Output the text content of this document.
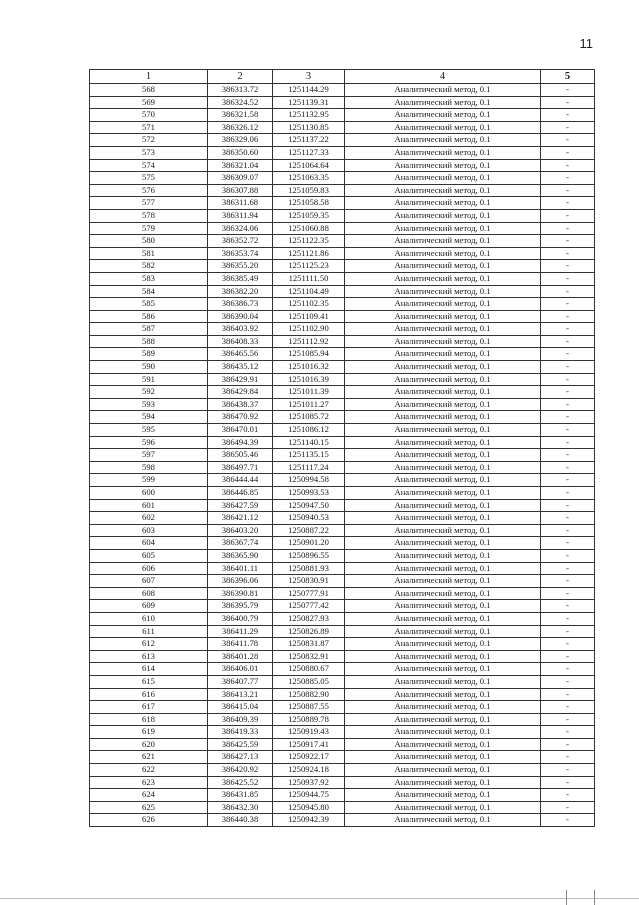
11
1	2	3	4	5
568	386313.72	1251144.29	Аналитический метод, 0.1	-
569	386324.52	1251139.31	Аналитический метод, 0.1	-
570	386321.58	1251132.95	Аналитический метод, 0.1	-
571	386326.12	1251130.85	Аналитический метод, 0.1	-
572	386329.06	1251137.22	Аналитический метод, 0.1	-
573	386350.60	1251127.33	Аналитический метод, 0.1	-
574	386321.04	1251064.64	Аналитический метод, 0.1	-
575	386309.07	1251063.35	Аналитический метод, 0.1	-
576	386307.88	1251059.83	Аналитический метод, 0.1	-
577	386311.68	1251058.58	Аналитический метод, 0.1	-
578	386311.94	1251059.35	Аналитический метод, 0.1	-
579	386324.06	1251060.88	Аналитический метод, 0.1	-
580	386352.72	1251122.35	Аналитический метод, 0.1	-
581	386353.74	1251121.86	Аналитический метод, 0.1	-
582	386355.20	1251125.23	Аналитический метод, 0.1	-
583	386385.49	1251111.50	Аналитический метод, 0.1	-
584	386382.20	1251104.49	Аналитический метод, 0.1	-
585	386386.73	1251102.35	Аналитический метод, 0.1	-
586	386390.04	1251109.41	Аналитический метод, 0.1	-
587	386403.92	1251102.90	Аналитический метод, 0.1	-
588	386408.33	1251112.92	Аналитический метод, 0.1	-
589	386465.56	1251085.94	Аналитический метод, 0.1	-
590	386435.12	1251016.32	Аналитический метод, 0.1	-
591	386429.91	1251016.39	Аналитический метод, 0.1	-
592	386429.84	1251011.39	Аналитический метод, 0.1	-
593	386438.37	1251011.27	Аналитический метод, 0.1	-
594	386470.92	1251085.72	Аналитический метод, 0.1	-
595	386470.01	1251086.12	Аналитический метод, 0.1	-
596	386494.39	1251140.15	Аналитический метод, 0.1	-
597	386505.46	1251135.15	Аналитический метод, 0.1	-
598	386497.71	1251117.24	Аналитический метод, 0.1	-
599	386444.44	1250994.58	Аналитический метод, 0.1	-
600	386446.85	1250993.53	Аналитический метод, 0.1	-
601	386427.59	1250947.50	Аналитический метод, 0.1	-
602	386421.12	1250940.53	Аналитический метод, 0.1	-
603	386403.20	1250887.22	Аналитический метод, 0.1	-
604	386367.74	1250901.20	Аналитический метод, 0.1	-
605	386365.90	1250896.55	Аналитический метод, 0.1	-
606	386401.11	1250881.93	Аналитический метод, 0.1	-
607	386396.06	1250830.91	Аналитический метод, 0.1	-
608	386390.81	1250777.91	Аналитический метод, 0.1	-
609	386395.79	1250777.42	Аналитический метод, 0.1	-
610	386400.79	1250827.93	Аналитический метод, 0.1	-
611	386411.29	1250826.89	Аналитический метод, 0.1	-
612	386411.78	1250831.87	Аналитический метод, 0.1	-
613	386401.28	1250832.91	Аналитический метод, 0.1	-
614	386406.01	1250880.67	Аналитический метод, 0.1	-
615	386407.77	1250885.05	Аналитический метод, 0.1	-
616	386413.21	1250882.90	Аналитический метод, 0.1	-
617	386415.04	1250887.55	Аналитический метод, 0.1	-
618	386409.39	1250889.78	Аналитический метод, 0.1	-
619	386419.33	1250919.43	Аналитический метод, 0.1	-
620	386425.59	1250917.41	Аналитический метод, 0.1	-
621	386427.13	1250922.17	Аналитический метод, 0.1	-
622	386420.92	1250924.18	Аналитический метод, 0.1	-
623	386425.52	1250937.92	Аналитический метод, 0.1	-
624	386431.85	1250944.75	Аналитический метод, 0.1	-
625	386432.30	1250945.80	Аналитический метод, 0.1	-
626	386440.38	1250942.39	Аналитический метод, 0.1	-
